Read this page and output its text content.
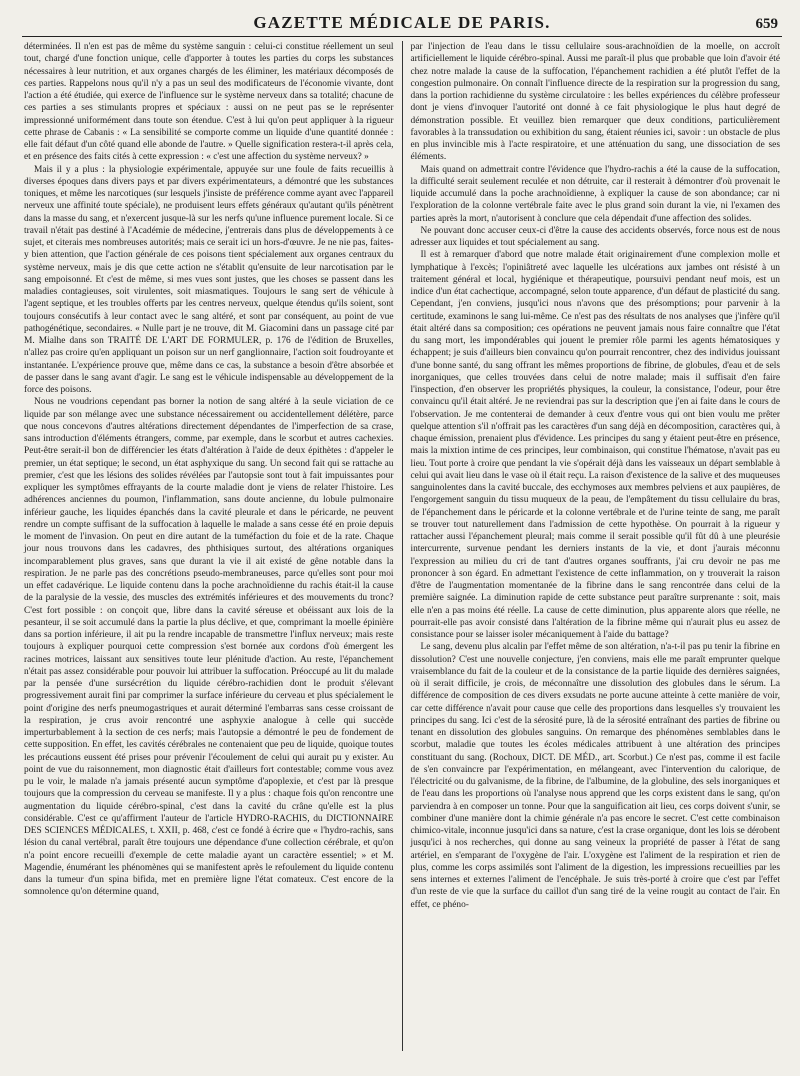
GAZETTE MÉDICALE DE PARIS.	659

déterminées. Il n'en est pas de même du système sanguin : celui-ci constitue réellement un seul tout, chargé d'une fonction unique, celle d'apporter à toutes les parties du corps les substances nécessaires à leur nutrition, et aux organes chargés de les éliminer, les matériaux décomposés de ces parties. Rappelons nous qu'il n'y a pas un seul des modificateurs de l'économie vivante, dont l'action a été étudiée, qui exerce de l'influence sur le système nerveux dans sa totalité; chacune de ces parties a ses stimulants propres et spéciaux : aussi on ne peut pas se le représenter impressionné uniformément dans toute son étendue. C'est à lui qu'on peut appliquer à la rigueur cette phrase de Cabanis : « La sensibilité se comporte comme un liquide d'une quantité donnée : elle fait défaut d'un côté quand elle abonde de l'autre. » Quelle signification restera-t-il après cela, et en présence des faits cités à cette expression : « c'est une affection du système nerveux? »

Mais il y a plus : la physiologie expérimentale, appuyée sur une foule de faits recueillis à diverses époques dans divers pays et par divers expérimentateurs, a démontré que les substances toniques, et même les narcotiques (sur lesquels j'insiste de préférence comme ayant avec l'appareil nerveux une affinité toute spéciale), ne produisent leurs effets généraux qu'autant qu'ils pénètrent dans la masse du sang, et n'exercent jusque-là sur les nerfs qu'une influence purement locale. Si ce travail n'était pas destiné à l'Académie de médecine, j'entrerais dans plus de développements à ce sujet, et citerais mes nombreuses autorités; mais ce serait ici un hors-d'œuvre. Je ne nie pas, faites-y bien attention, que l'action générale de ces poisons tient spécialement aux organes centraux du système nerveux, mais je dis que cette action ne s'établit qu'ensuite de leur narcotisation par le sang empoisonné. Et c'est de même, si mes vues sont justes, que les choses se passent dans les maladies contagieuses, soit virulentes, soit miasmatiques. Toujours le sang sert de véhicule à l'agent septique, et les troubles offerts par les centres nerveux, quelque étendus qu'ils soient, sont toujours consécutifs à leur contact avec le sang altéré, et sont par conséquent, au point de vue pathogénétique, secondaires. « Nulle part je ne trouve, dit M. Giacomini dans un passage cité par M. Mialhe dans son TRAITÉ DE L'ART DE FORMULER, p. 176 de l'édition de Bruxelles, n'allez pas croire qu'en appliquant un poison sur un nerf ganglionnaire, l'action soit foudroyante et instantanée. L'expérience prouve que, même dans ce cas, la substance a besoin d'être absorbée et de passer dans le sang avant d'agir. Le sang est le véhicule indispensable au développement de la force des poisons.

Nous ne voudrions cependant pas borner la notion de sang altéré à la seule viciation de ce liquide par son mélange avec une substance nécessairement ou accidentellement délétère, parce que nous concevons d'autres altérations directement dépendantes de l'imperfection de sa crase, sans introduction d'éléments étrangers, comme, par exemple, dans le scorbut et autres cachexies. Peut-être serait-il bon de différencier les états d'altération à l'aide de deux épithètes : d'appeler le premier, un état septique; le second, un état asphyxique du sang. Un second fait qui se rattache au premier, c'est que les lésions des solides révélées par l'autopsie sont tout à fait impuissantes pour expliquer les symptômes effrayants de la courte maladie dont je viens de relater l'histoire. Les adhérences anciennes du poumon, l'inflammation, sans doute ancienne, du lobule pulmonaire inférieur gauche, les liquides épanchés dans la cavité pleurale et dans le péricarde, ne peuvent rendre un compte suffisant de la suffocation à laquelle le malade a sans cesse été en proie depuis le moment de l'invasion. On peut en dire autant de la tuméfaction du foie et de la rate. Chaque jour nous trouvons dans les cadavres, des phthisiques surtout, des altérations organiques incomparablement plus graves, sans que durant la vie il ait existé de gêne notable dans la respiration. Je ne parle pas des concrétions pseudo-membraneuses, parce qu'elles sont pour moi un effet cadavérique. Le liquide contenu dans la poche arachnoïdienne du rachis était-il la cause de la paralysie de la vessie, des muscles des extrémités inférieures et des mouvements du tronc? C'est fort possible : on conçoit que, libre dans la cavité séreuse et obéissant aux lois de la pesanteur, il se soit accumulé dans la partie la plus déclive, et que, comprimant la moelle épinière dans sa portion inférieure, il ait pu la rendre incapable de transmettre l'influx nerveux; mais reste toujours à expliquer pourquoi cette compression s'est bornée aux cordons d'où émergent les racines motrices, laissant aux sensitives toute leur plénitude d'action. Au reste, l'épanchement n'était pas assez considérable pour pouvoir lui attribuer la suffocation. Préoccupé au lit du malade par la pensée d'une sursécrétion du liquide cérébro-rachidien dont le produit s'élevant progressivement aurait fini par comprimer la surface inférieure du cerveau et plus spécialement le point d'origine des nerfs pneumogastriques et aurait déterminé l'embarras sans cesse croissant de la respiration, je crus avoir rencontré une asphyxie analogue à celle qui succède imperturbablement à la section de ces nerfs; mais l'autopsie a démontré le peu de fondement de cette supposition. En effet, les cavités cérébrales ne contenaient que peu de liquide, quoique toutes les précautions eussent été prises pour prévenir l'écoulement de celui qui aurait pu y exister. Au point de vue du raisonnement, mon diagnostic était d'ailleurs fort contestable; comme vous avez pu le voir, le malade n'a jamais présenté aucun symptôme d'apoplexie, et c'est par là presque toujours que la compression du cerveau se manifeste. Il y a plus : chaque fois qu'on rencontre une augmentation du liquide cérébro-spinal, c'est dans la cavité du crâne qu'elle est la plus considérable. C'est ce qu'affirment l'auteur de l'article HYDRO-RACHIS, du DICTIONNAIRE DES SCIENCES MÉDICALES, t. XXII, p. 468, c'est ce fondé à écrire que « l'hydro-rachis, sans lésion du canal vertébral, paraît être toujours une dépendance d'une collection cérébrale, et qu'on n'a point encore recueilli d'exemple de cette maladie ayant un caractère essentiel; » et M. Magendie, énumérant les phénomènes qui se manifestent après le refoulement du liquide contenu dans la tumeur d'un spina bifida, met en première ligne l'état comateux. C'est encore de la somnolence qu'on détermine quand,

par l'injection de l'eau dans le tissu cellulaire sous-arachnoïdien de la moelle, on accroît artificiellement le liquide cérébro-spinal. Aussi me paraît-il plus que probable que loin d'avoir été chez notre malade la cause de la suffocation, l'épanchement rachidien a été plutôt l'effet de la congestion pulmonaire. On connaît l'influence directe de la respiration sur la progression du sang, dans la portion rachidienne du système circulatoire : les belles expériences du célèbre professeur dont je viens d'invoquer l'autorité ont donné à ce fait physiologique le plus haut degré de démonstration possible. Et veuillez bien remarquer que deux conditions, particulièrement favorables à la transsudation ou exhibition du sang, étaient réunies ici, savoir : un obstacle de plus en plus invincible mis à l'acte respiratoire, et une atténuation du sang, une dissociation de ses éléments.

Mais quand on admettrait contre l'évidence que l'hydro-rachis a été la cause de la suffocation, la difficulté serait seulement reculée et non détruite, car il resterait à démontrer d'où provenait le liquide accumulé dans la poche arachnoïdienne, à expliquer la cause de son abondance; car ni l'exploration de la colonne vertébrale faite avec le plus grand soin durant la vie, ni l'examen des parties après la mort, n'autorisent à conclure que cela dépendait d'une affection des solides.

Ne pouvant donc accuser ceux-ci d'être la cause des accidents observés, force nous est de nous adresser aux liquides et tout spécialement au sang.

Il est à remarquer d'abord que notre malade était originairement d'une complexion molle et lymphatique à l'excès; l'opiniâtreté avec laquelle les ulcérations aux jambes ont résisté à un traitement général et local, hygiénique et thérapeutique, poursuivi pendant neuf mois, est un indice d'un état cachectique, accompagné, selon toute apparence, d'un défaut de plasticité du sang. Cependant, j'en conviens, jusqu'ici nous n'avons que des présomptions; pour parvenir à la certitude, examinons le sang lui-même. Ce n'est pas des résultats de nos analyses que j'infère qu'il était altéré dans sa composition; ces opérations ne peuvent jamais nous faire connaître que l'état du sang mort, les impondérables qui jouent le premier rôle parmi les agents hématosiques y échappent; je suis d'ailleurs bien convaincu qu'on pourrait rencontrer, chez des individus jouissant d'une bonne santé, du sang offrant les mêmes proportions de fibrine, de globules, d'eau et de sels inorganiques, que celles trouvées dans celui de notre malade; mais il suffisait d'en faire l'inspection, d'en observer les propriétés physiques, la couleur, la consistance, l'odeur, pour être convaincu qu'il était altéré. Je ne reviendrai pas sur la description que j'en ai faite dans le cours de l'observation. Je me contenterai de demander à ceux d'entre vous qui ont bien voulu me prêter quelque attention s'il n'offrait pas les caractères d'un sang déjà en décomposition, caractères qui, à chaque émission, prenaient plus d'évidence. Les principes du sang y étaient peut-être en présence, mais la mixtion intime de ces principes, leur combinaison, qui constitue l'hématose, n'avait pas eu lieu. Tout porte à croire que pendant la vie s'opérait déjà dans les vaisseaux un départ semblable à celui qui avait lieu dans le vase où il était reçu. La raison d'existence de la salive et des muqueuses sanguinolentes dans la cavité buccale, des ecchymoses aux membres pelviens et aux paupières, de l'engorgement sanguin du tissu muqueux de la peau, de l'empâtement du tissu cellulaire du bras, de l'épanchement dans le péricarde et la colonne vertébrale et de l'urine teinte de sang, me paraît se trouver tout naturellement dans l'admission de cette hypothèse. On pourrait à la rigueur y rattacher aussi l'épanchement pleural; mais comme il serait possible qu'il fût dû à une pleurésie intercurrente, survenue pendant les derniers instants de la vie, et dont j'aurais méconnu l'expression au milieu du cri de tant d'autres organes souffrants, j'ai cru devoir ne pas me prononcer à son égard. En admettant l'existence de cette inflammation, on y trouverait la raison d'être de l'augmentation momentanée de la fibrine dans le sang rencontrée dans celui de la première saignée. La diminution rapide de cette substance peut paraître surprenante : soit, mais elle n'en a pas moins été réelle. La cause de cette diminution, plus apparente alors que réelle, ne pourrait-elle pas avoir consisté dans l'altération de la fibrine même qui n'aurait plus eu assez de consistance pour se laisser isoler mécaniquement à l'aide du battage?

Le sang, devenu plus alcalin par l'effet même de son altération, n'a-t-il pas pu tenir la fibrine en dissolution? C'est une nouvelle conjecture, j'en conviens, mais elle me paraît emprunter quelque vraisemblance du fait de la couleur et de la consistance de la partie liquide des dernières saignées, où il serait difficile, je crois, de méconnaître une dissolution des globules dans le sérum. La différence de composition de ces divers exsudats ne porte aucune atteinte à cette manière de voir, car cette différence n'avait pour cause que celle des proportions dans lesquelles s'y trouvaient les principes du sang. Ici c'est de la sérosité pure, là de la sérosité entraînant des parties de fibrine ou tenant en dissolution des globules sanguins. On remarque des phénomènes semblables dans le scorbut, maladie que toutes les écoles médicales attribuent à une altération des principes constituant du sang. (Rochoux, DICT. DE MÉD., art. Scorbut.) Ce n'est pas, comme il est facile de s'en convaincre par l'expérimentation, en mélangeant, avec l'intervention du calorique, de l'électricité ou du galvanisme, de la fibrine, de l'albumine, de la globuline, des sels inorganiques et de l'eau dans les proportions où l'analyse nous apprend que les corps existent dans le sang, qu'on parviendra à en composer un tonne. Pour que la sanguification ait lieu, ces corps doivent s'unir, se combiner d'une manière dont la chimie générale n'a pas encore le secret. C'est cette combinaison chimico-vitale, inconnue jusqu'ici dans sa nature, c'est la crase organique, dont les lois se dérobent jusqu'ici à nos recherches, qui donne au sang veineux la propriété de passer à l'état de sang artériel, en s'emparant de l'oxygène de l'air. L'oxygène est l'aliment de la respiration et rien de plus, comme les corps assimilés sont l'aliment de la digestion, les impressions recueillies par les sens internes et externes l'aliment de l'encéphale. Je suis très-porté à croire que c'est par l'effet d'un reste de vie que la surface du caillot d'un sang tiré de la veine rougit au contact de l'air. En effet, ce phéno-
